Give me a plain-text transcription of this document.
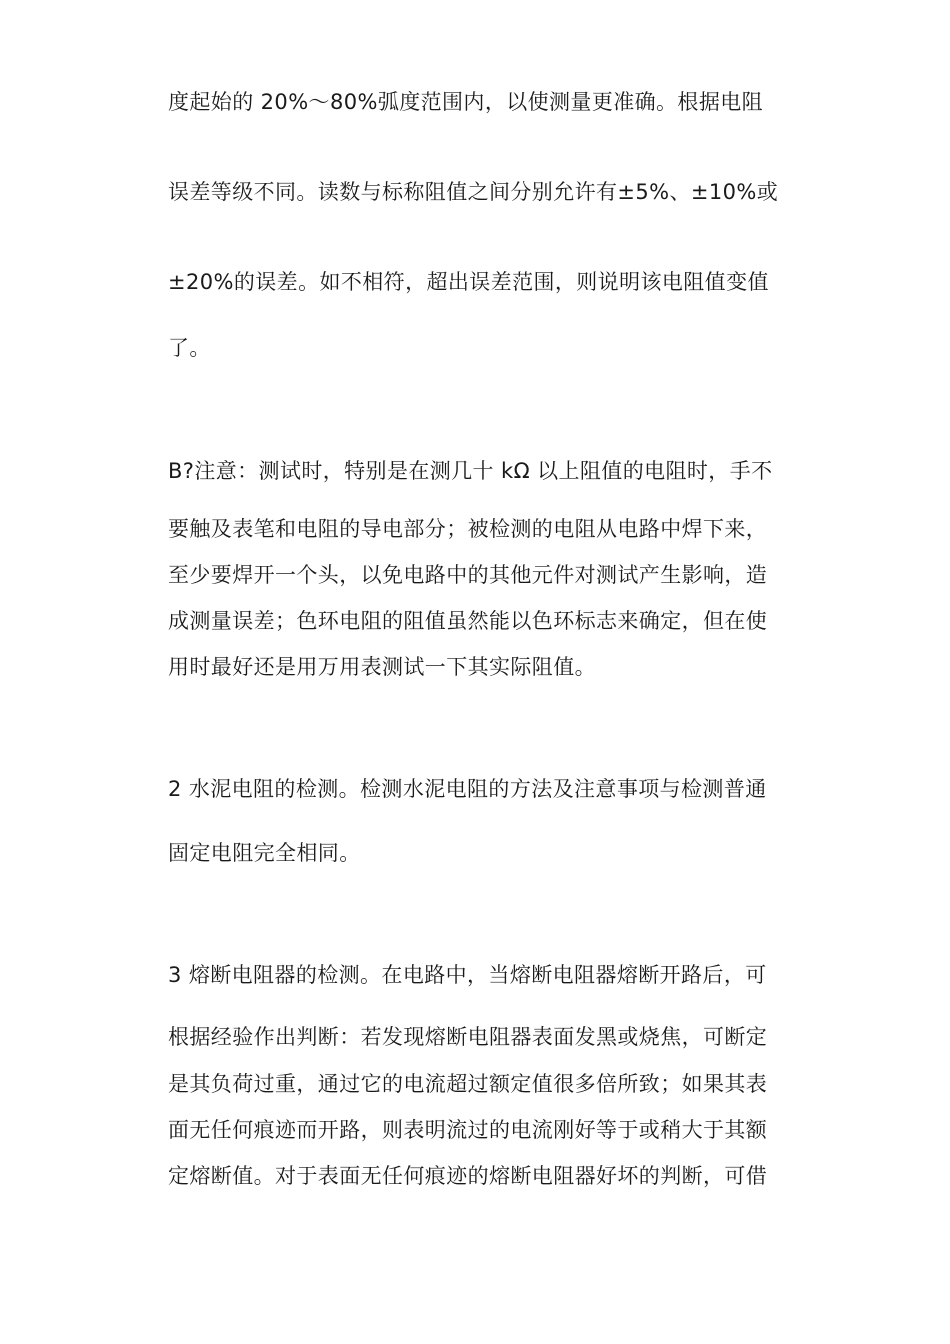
度起始的 20%～80%弧度范围内，以使测量更准确。根据电阻
误差等级不同。读数与标称阻值之间分别允许有±5%、±10%或
±20%的误差。如不相符，超出误差范围，则说明该电阻值变值
了。
B?注意：测试时，特别是在测几十 kΩ 以上阻值的电阻时，手不
要触及表笔和电阻的导电部分；被检测的电阻从电路中焊下来，
至少要焊开一个头，以免电路中的其他元件对测试产生影响，造
成测量误差；色环电阻的阻值虽然能以色环标志来确定，但在使
用时最好还是用万用表测试一下其实际阻值。
2 水泥电阻的检测。检测水泥电阻的方法及注意事项与检测普通
固定电阻完全相同。
3 熔断电阻器的检测。在电路中，当熔断电阻器熔断开路后，可
根据经验作出判断：若发现熔断电阻器表面发黑或烧焦，可断定
是其负荷过重，通过它的电流超过额定值很多倍所致；如果其表
面无任何痕迹而开路，则表明流过的电流刚好等于或稍大于其额
定熔断值。对于表面无任何痕迹的熔断电阻器好坏的判断，可借
